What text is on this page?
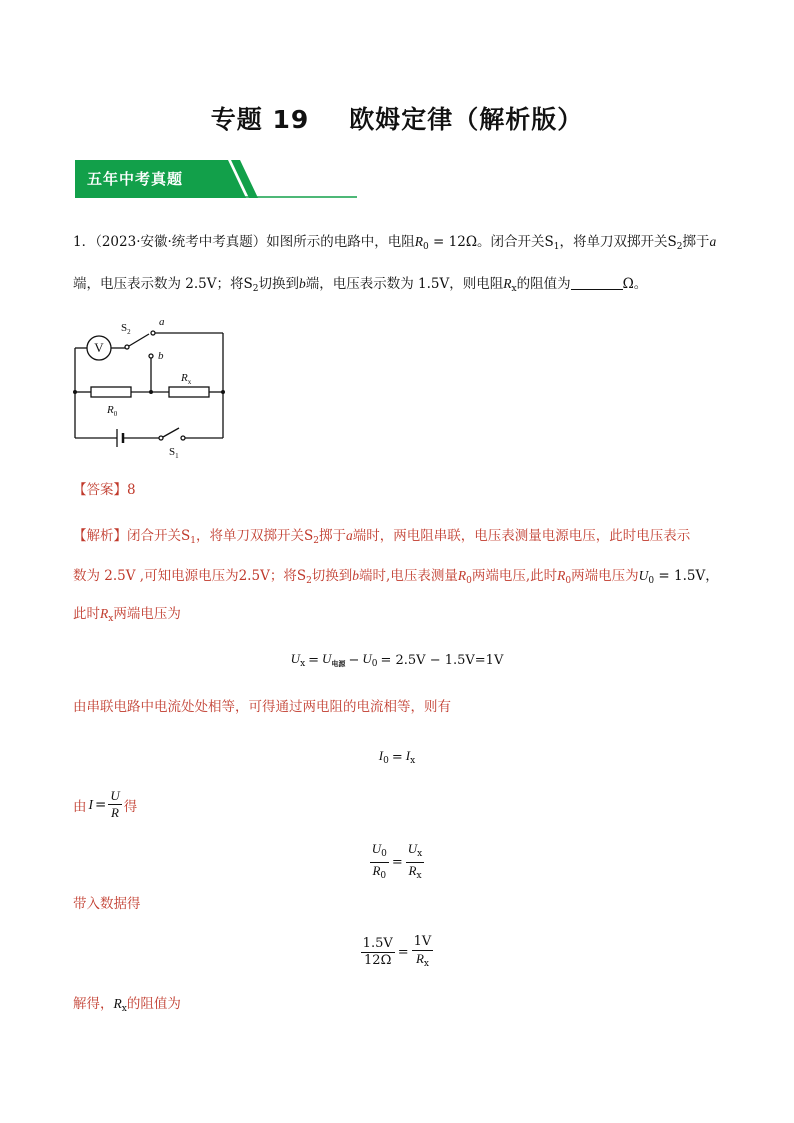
专题 19 欧姆定律（解析版）
五年中考真题
1．（2023·安徽·统考中考真题）如图所示的电路中，电阻$R_0 = 12\Omega$。闭合开关$S_1$，将单刀双掷开关$S_2$掷于a
端，电压表示数为 2.5V；将$S_2$切换到b端，电压表示数为 1.5V，则电阻$R_x$的阻值为	Ω。
V
$S_2$
a
b
$R_x$
$R_0$
$S_1$
【答案】8
【解析】闭合开关$S_1$，将单刀双掷开关$S_2$掷于a端时，两电阻串联，电压表测量电源电压，此时电压表示
数为 2.5V ,可知电源电压为2.5V；将$S_2$切换到b端时,电压表测量$R_0$两端电压,此时$R_0$两端电压为$U_0 = 1.5V$，
此时$R_x$两端电压为
$U_x = U_{电源} - U_0 = 2.5V - 1.5V=1V$
由串联电路中电流处处相等，可得通过两电阻的电流相等，则有
$I_0 = I_x$
由 $I = \frac{U}{R}$ 得
$\frac{U_0}{R_0} = \frac{U_x}{R_x}$
带入数据得
$\frac{1.5V}{12\Omega} = \frac{1V}{R_x}$
解得，$R_x$的阻值为
